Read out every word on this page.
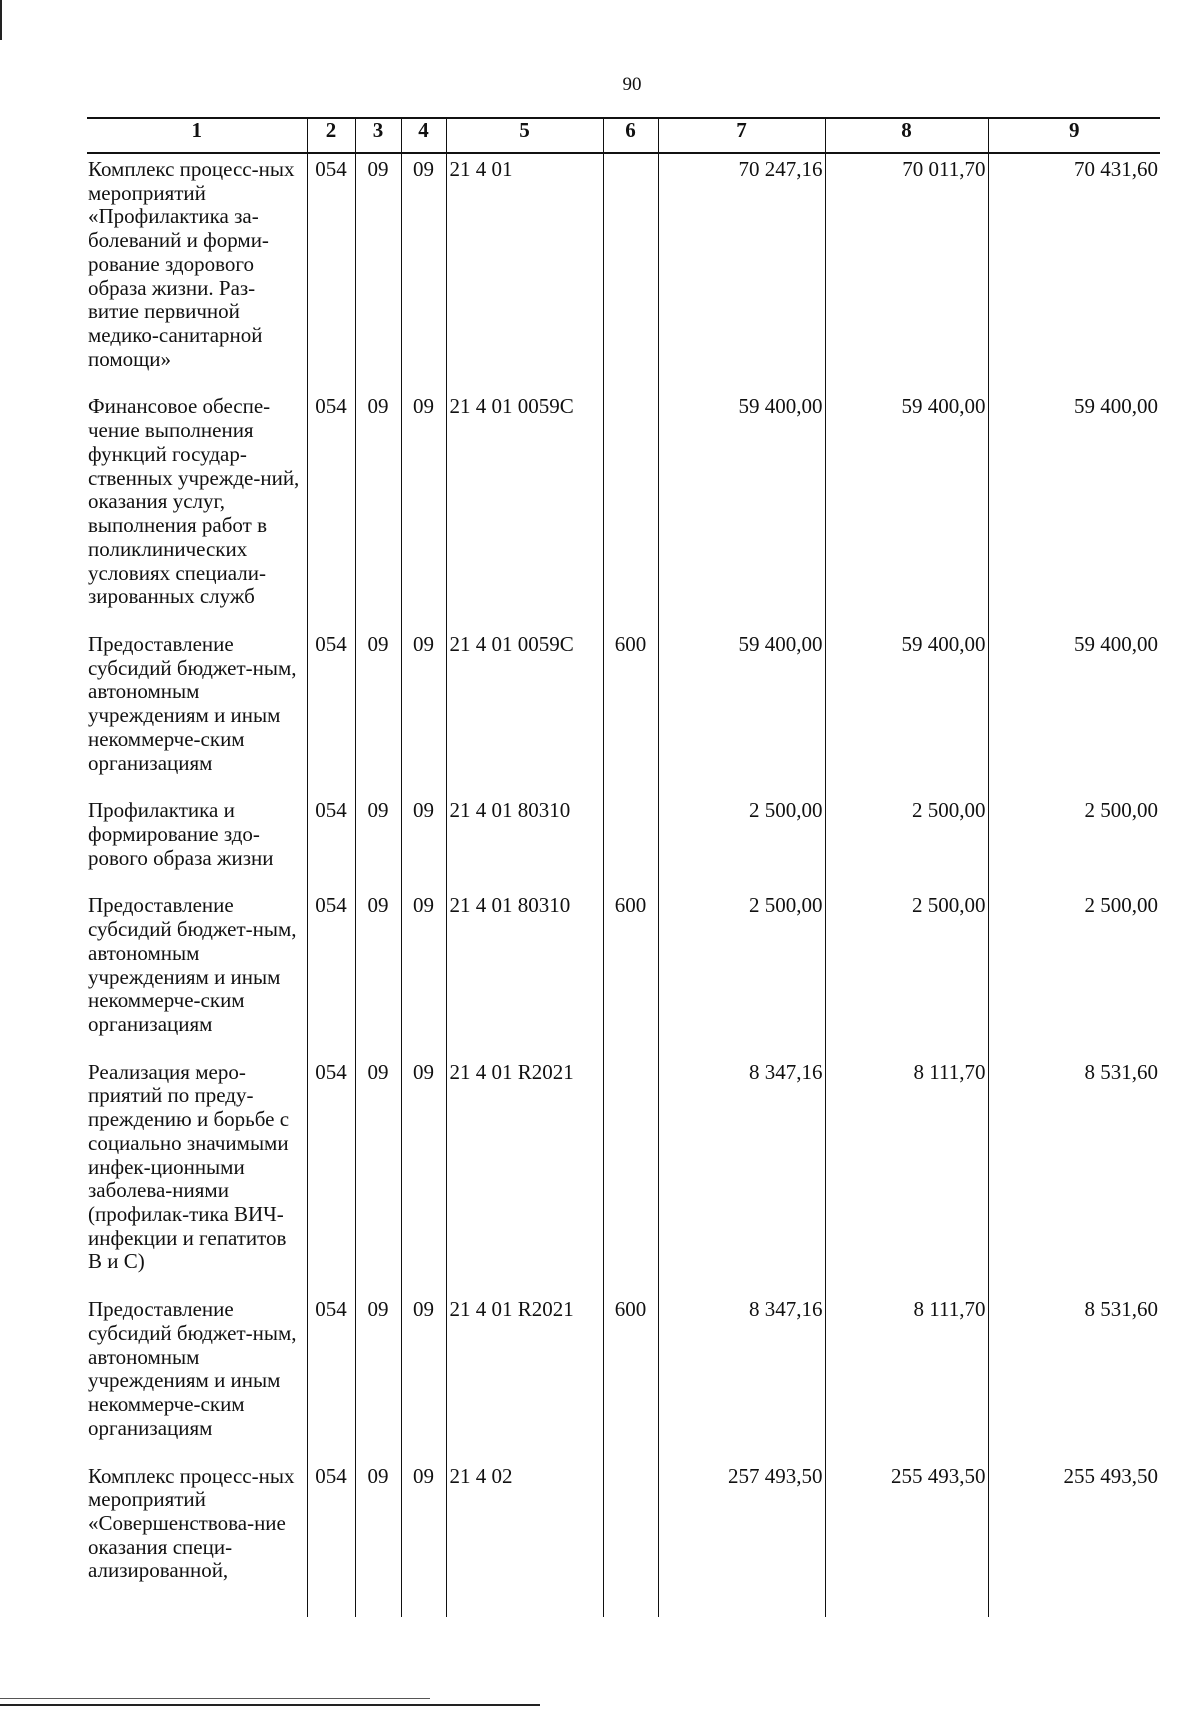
90
1	2	3	4	5	6	7	8	9
Комплекс процесс-ных мероприятий «Профилактика за-болеваний и форми-рование здорового образа жизни. Раз-витие первичной медико-санитарной помощи»	054	09	09	21 4 01		70 247,16	70 011,70	70 431,60
Финансовое обеспе-чение выполнения функций государ-ственных учрежде-ний, оказания услуг, выполнения работ в поликлинических условиях специали-зированных служб	054	09	09	21 4 01 0059С		59 400,00	59 400,00	59 400,00
Предоставление субсидий бюджет-ным, автономным учреждениям и иным некоммерче-ским организациям	054	09	09	21 4 01 0059С	600	59 400,00	59 400,00	59 400,00
Профилактика и формирование здо-рового образа жизни	054	09	09	21 4 01 80310		2 500,00	2 500,00	2 500,00
Предоставление субсидий бюджет-ным, автономным учреждениям и иным некоммерче-ским организациям	054	09	09	21 4 01 80310	600	2 500,00	2 500,00	2 500,00
Реализация меро-приятий по преду-преждению и борьбе с социально значимыми инфек-ционными заболева-ниями (профилак-тика ВИЧ-инфекции и гепатитов В и С)	054	09	09	21 4 01 R2021		8 347,16	8 111,70	8 531,60
Предоставление субсидий бюджет-ным, автономным учреждениям и иным некоммерче-ским организациям	054	09	09	21 4 01 R2021	600	8 347,16	8 111,70	8 531,60
Комплекс процесс-ных мероприятий «Совершенствова-ние оказания специ-ализированной,	054	09	09	21 4 02		257 493,50	255 493,50	255 493,50
